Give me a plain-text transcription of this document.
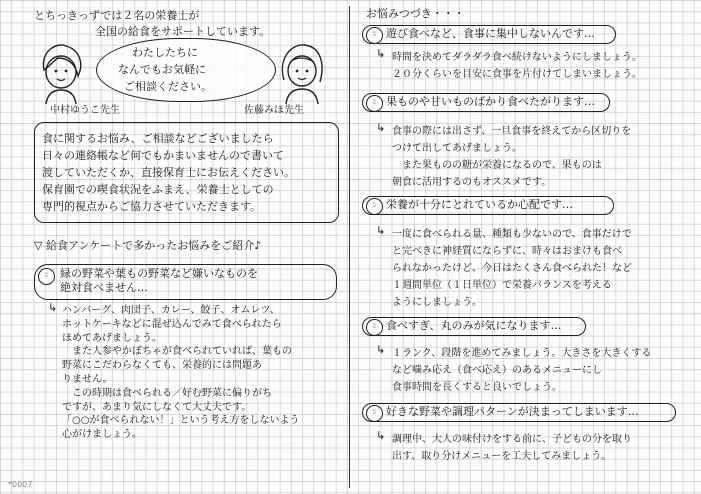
とちっきっずでは２名の栄養士が
全国の給食をサポートしています。
わたしたちに
なんでもお気軽に
ご相談ください。
中村ゆうこ先生	佐藤みほ先生
食に関するお悩み、ご相談などございましたら
日々の連絡帳など何でもかまいませんので書いて
渡していただくか、直接保育士にお伝えください。
保育園での喫食状況をふまえ、栄養士としての
専門的視点からご協力させていただきます。
▽ 給食アンケートで多かったお悩みをご紹介♪
ᵕ̈	緑の野菜や葉もの野菜など嫌いなものを
絶対食べません…
↳ ハンバーグ、肉団子、カレー、餃子、オムレツ、
ホットケーキなどに混ぜ込んでみて食べられたら
ほめてあげましょう。
　また人参やかぼちゃが食べられていれば、葉もの
野菜にこだわらなくても、栄養的には問題あ
りません。
　この時期は食べられる／好む野菜に偏りがち
ですが、あまり気にしなくて大丈夫です。
「○○が食べられない！」という考え方をしないよう
心がけましょう。
お悩みつづき・・・
ᵕ̈ 遊び食べなど、食事に集中しないんです…
↳ 時間を決めてダラダラ食べ続けないようにしましょう。
２０分くらいを目安に食事を片付けてしまいましょう。
ᵕ̈ 果ものや甘いものばかり食べたがります…
↳ 食事の際には出さず、一旦食事を終えてから区切りを
つけて出してあげましょう。
　また果ものの糖が栄養になるので、果ものは
朝食に活用するのもオススメです。
ᵕ̈ 栄養が十分にとれているか心配です…
↳ 一度に食べられる量、種類も少ないので、食事だけで
と完べきに神経質にならずに、時々はおまけも食べ
られなかったけど、今日はたくさん食べられた！など
１週間単位（１日単位）で栄養バランスを考える
ようにしましょう。
ᵕ̈ 食べすぎ、丸のみが気になります…
↳ １ランク、段階を進めてみましょう。大きさを大きくする
など噛み応え（食べ応え）のあるメニューにし
食事時間を長くすると良いでしょう。
ᵕ̈ 好きな野菜や調理パターンが決まってしまいます…
↳ 調理中、大人の味付けをする前に、子どもの分を取り
出す、取り分けメニューを工夫してみましょう。
*0007
